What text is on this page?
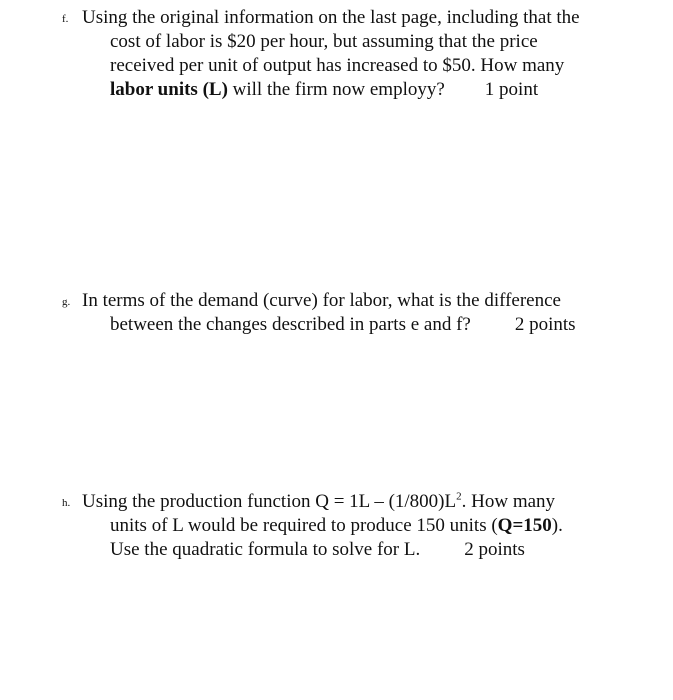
f. Using the original information on the last page, including that the
cost of labor is $20 per hour, but assuming that the price
received per unit of output has increased to $50. How many
labor units (L) will the firm now employy? 1 point
g. In terms of the demand (curve) for labor, what is the difference
between the changes described in parts e and f? 2 points
h. Using the production function $Q = 1L - (1/800)L^2$. How many
units of L would be required to produce 150 units (Q=150).
Use the quadratic formula to solve for L. 2 points
